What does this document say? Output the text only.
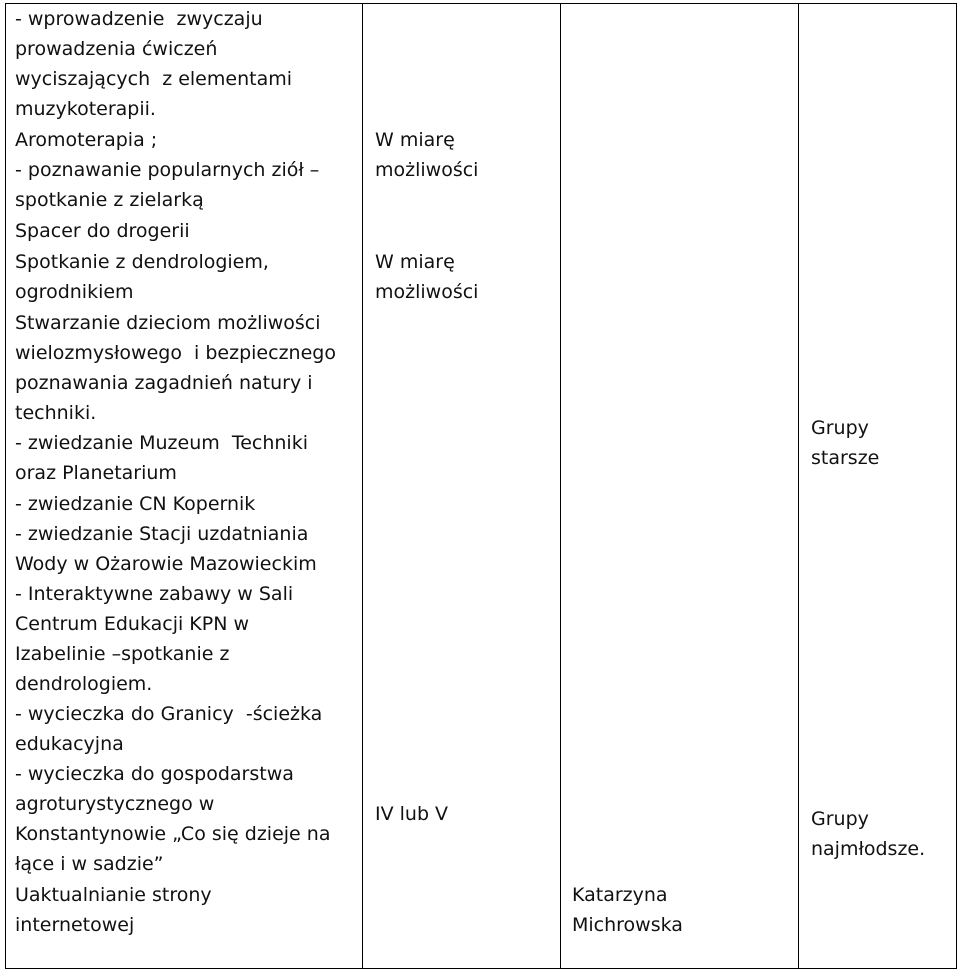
- wprowadzenie  zwyczaju

prowadzenia ćwiczeń

wyciszających  z elementami

muzykoterapii.

Aromoterapia ;

- poznawanie popularnych ziół –

spotkanie z zielarką

Spacer do drogerii

Spotkanie z dendrologiem,

ogrodnikiem

Stwarzanie dzieciom możliwości

wielozmysłowego  i bezpiecznego

poznawania zagadnień natury i

techniki.

- zwiedzanie Muzeum  Techniki

oraz Planetarium

- zwiedzanie CN Kopernik

- zwiedzanie Stacji uzdatniania

Wody w Ożarowie Mazowieckim

- Interaktywne zabawy w Sali

Centrum Edukacji KPN w

Izabelinie –spotkanie z

dendrologiem.

- wycieczka do Granicy  -ścieżka

edukacyjna

- wycieczka do gospodarstwa

agroturystycznego w

Konstantynowie „Co się dzieje na

łące i w sadzie”

Uaktualnianie strony

internetowej

W miarę

możliwości

W miarę

możliwości

IV lub V

Katarzyna

Michrowska

Grupy

starsze

Grupy

najmłodsze.
